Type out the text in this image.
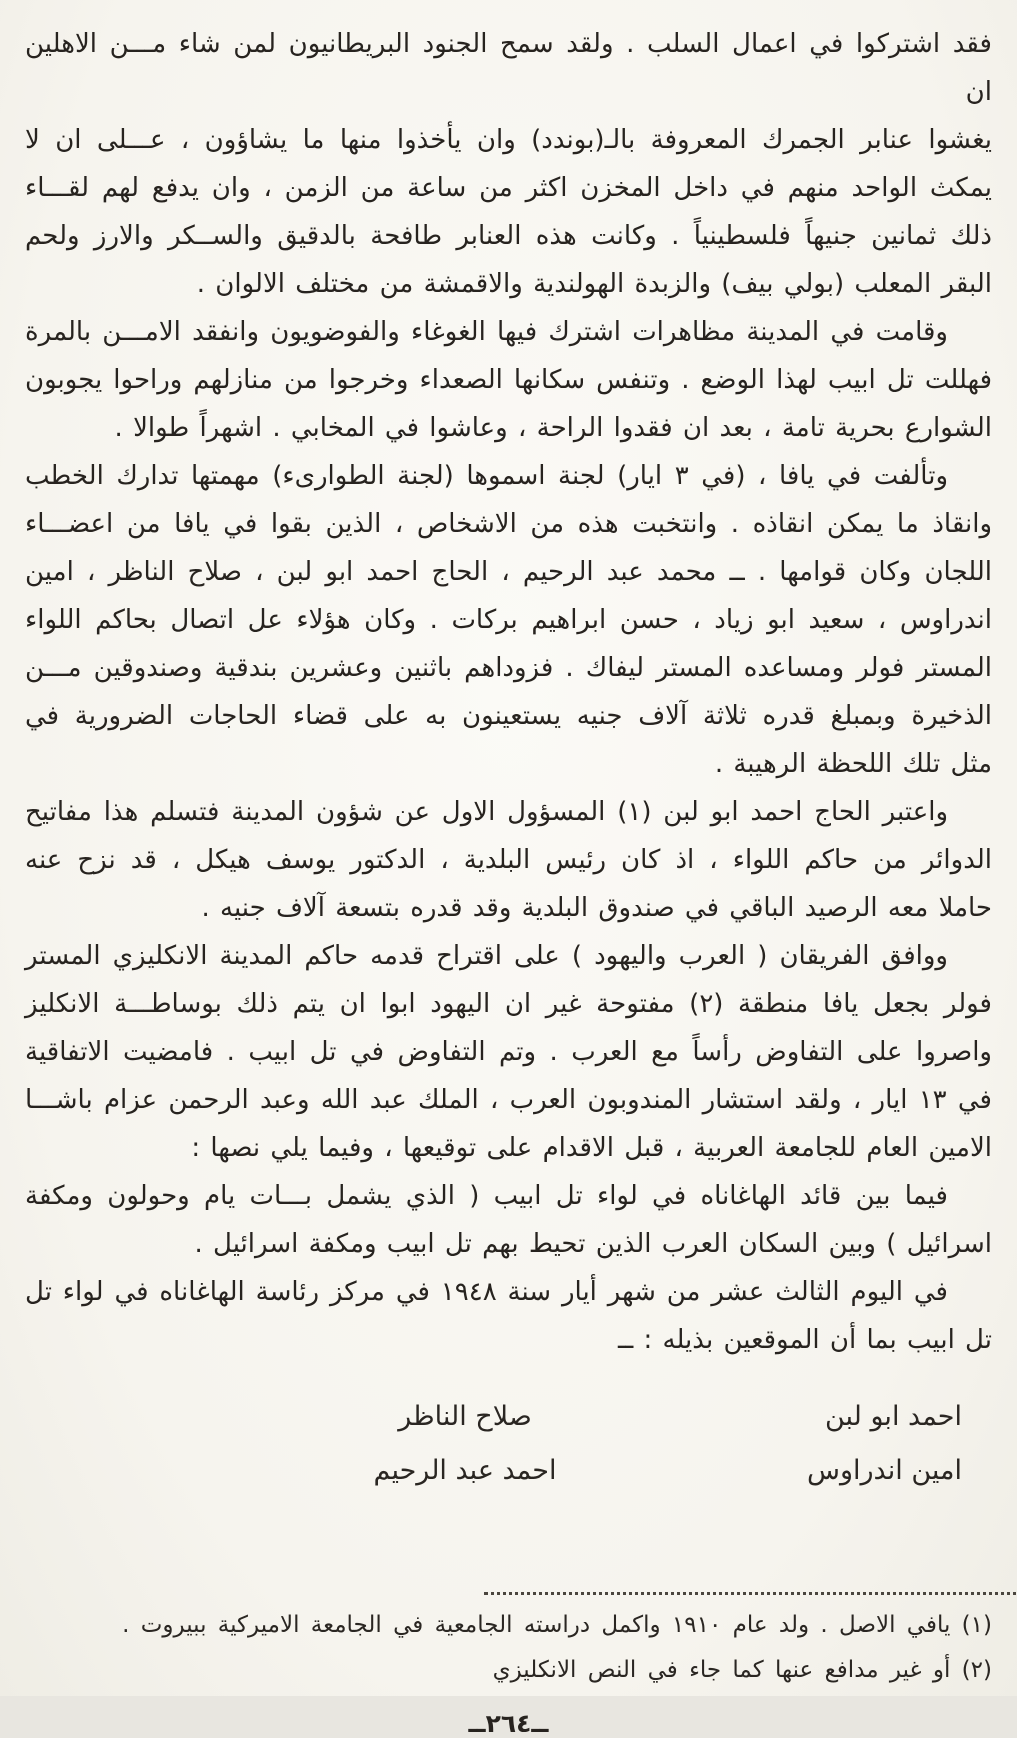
فقد اشتركوا في اعمال السلب . ولقد سمح الجنود البريطانيون لمن شاء مـــن الاهلين ان
يغشوا عنابر الجمرك المعروفة بالـ(بوندد) وان يأخذوا منها ما يشاؤون ، عـــلى ان لا
يمكث الواحد منهم في داخل المخزن اكثر من ساعة من الزمن ، وان يدفع لهم لقـــاء
ذلك ثمانين جنيهاً فلسطينياً . وكانت هذه العنابر طافحة بالدقيق والســكر والارز ولحم
البقر المعلب (بولي بيف) والزبدة الهولندية والاقمشة من مختلف الالوان .
وقامت في المدينة مظاهرات اشترك فيها الغوغاء والفوضويون وانفقد الامـــن بالمرة
فهللت تل ابيب لهذا الوضع . وتنفس سكانها الصعداء وخرجوا من منازلهم وراحوا يجوبون
الشوارع بحرية تامة ، بعد ان فقدوا الراحة ، وعاشوا في المخابي . اشهراً طوالا .
وتألفت في يافا ، (في ٣ ايار) لجنة اسموها (لجنة الطوارىء) مهمتها تدارك الخطب
وانقاذ ما يمكن انقاذه . وانتخبت هذه من الاشخاص ، الذين بقوا في يافا من اعضـــاء
اللجان وكان قوامها . ــ محمد عبد الرحيم ، الحاج احمد ابو لبن ، صلاح الناظر ، امين
اندراوس ، سعيد ابو زياد ، حسن ابراهيم بركات . وكان هؤلاء عل اتصال بحاكم اللواء
المستر فولر ومساعده المستر ليفاك . فزوداهم باثنين وعشرين بندقية وصندوقين مـــن
الذخيرة وبمبلغ قدره ثلاثة آلاف جنيه يستعينون به على قضاء الحاجات الضرورية في
مثل تلك اللحظة الرهيبة .
واعتبر الحاج احمد ابو لبن (١) المسؤول الاول عن شؤون المدينة فتسلم هذا مفاتيح
الدوائر من حاكم اللواء ، اذ كان رئيس البلدية ، الدكتور يوسف هيكل ، قد نزح عنه
حاملا معه الرصيد الباقي في صندوق البلدية وقد قدره بتسعة آلاف جنيه .
ووافق الفريقان ( العرب واليهود ) على اقتراح قدمه حاكم المدينة الانكليزي المستر
فولر بجعل يافا منطقة (٢) مفتوحة غير ان اليهود ابوا ان يتم ذلك بوساطـــة الانكليز
واصروا على التفاوض رأساً مع العرب . وتم التفاوض في تل ابيب . فامضيت الاتفاقية
في ١٣ ايار ، ولقد استشار المندوبون العرب ، الملك عبد الله وعبد الرحمن عزام باشـــا
الامين العام للجامعة العربية ، قبل الاقدام على توقيعها ، وفيما يلي نصها :
فيما بين قائد الهاغاناه في لواء تل ابيب ( الذي يشمل بـــات يام وحولون ومكفة
اسرائيل ) وبين السكان العرب الذين تحيط بهم تل ابيب ومكفة اسرائيل .
في اليوم الثالث عشر من شهر أيار سنة ١٩٤٨ في مركز رئاسة الهاغاناه في لواء تل
تل ابيب بما أن الموقعين بذيله : ــ
احمد ابو لبن
امين اندراوس
صلاح الناظر
احمد عبد الرحيم
(١) يافي الاصل . ولد عام ١٩١٠ واكمل دراسته الجامعية في الجامعة الاميركية ببيروت .
(٢) أو غير مدافع عنها كما جاء في النص الانكليزي
ــ٢٦٤ــ
